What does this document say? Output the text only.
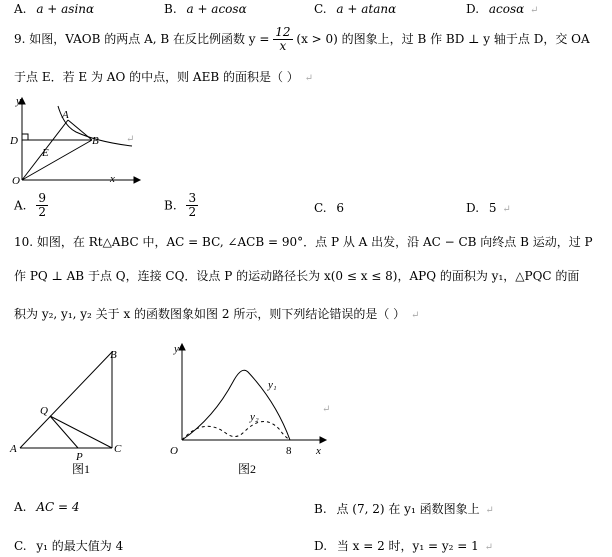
A. a + asinα	B. a + acosα	C. a + atanα	D. acosα ↵
9. 如图，VAOB 的两点 A, B 在反比例函数 $y = \frac{12}{x} (x > 0)$ 的图象上，过 B 作 BD ⊥ y 轴于点 D，交 OA
于点 E．若 E 为 AO 的中点，则 AEB 的面积是（ ） ↵
y
x
O
A
B
D
E
↵
A. $\frac{9}{2}$	B. $\frac{3}{2}$	C. 6	D. 5 ↵
10. 如图，在 Rt△ABC 中，AC = BC, ∠ACB = 90°．点 P 从 A 出发，沿 AC − CB 向终点 B 运动，过 P
作 PQ ⊥ AB 于点 Q，连接 CQ．设点 P 的运动路径长为 x(0 ≤ x ≤ 8)，APQ 的面积为 y₁，△PQC 的面
积为 y₂, y₁, y₂ 关于 x 的函数图象如图 2 所示，则下列结论错误的是（ ） ↵
B
Q
A
P
C
图1
y
x
O	8
y₁
y₂
图2
↵
A. AC = 4	B. 点 (7, 2) 在 y₁ 函数图象上 ↵
C. y₁ 的最大值为 4	D. 当 x = 2 时，y₁ = y₂ = 1 ↵
